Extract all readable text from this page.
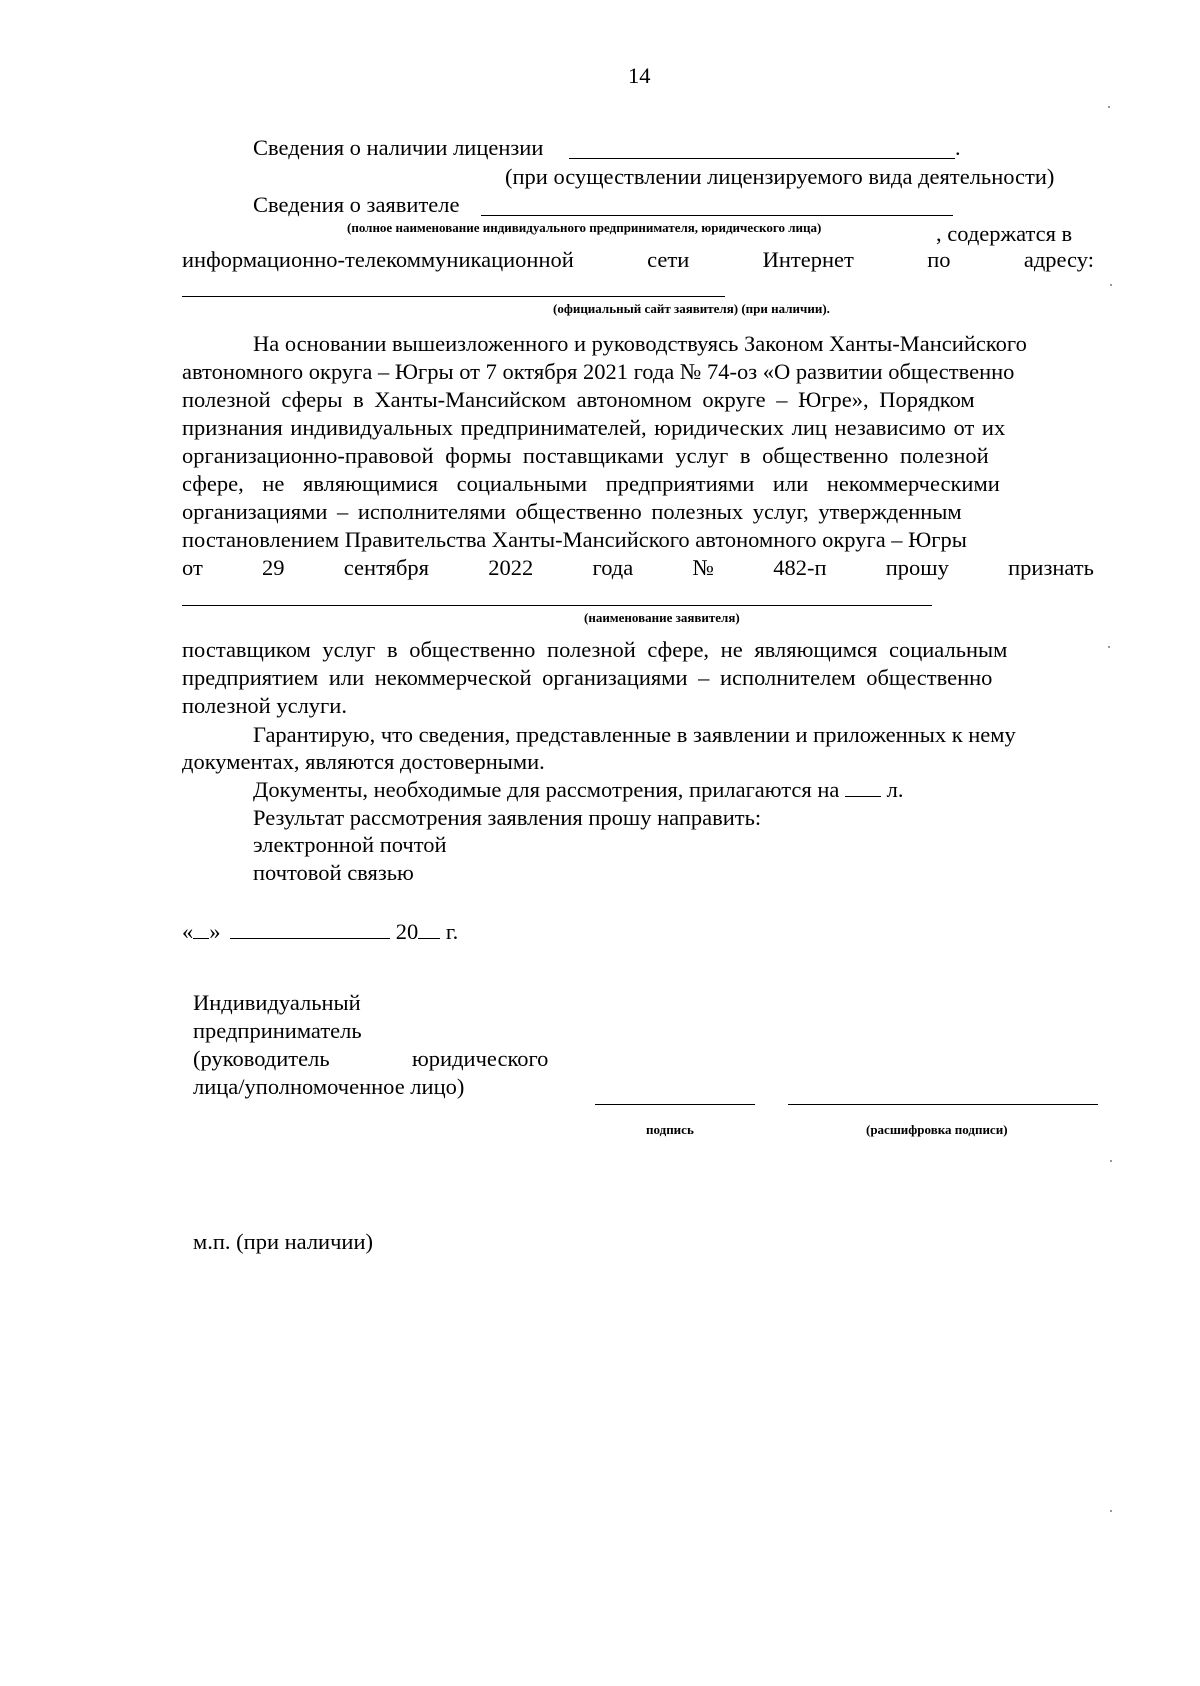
14
Сведения о наличии лицензии	.
(при осуществлении лицензируемого вида деятельности)
Сведения о заявителе
(полное наименование индивидуального предпринимателя, юридического лица)	, содержатся в
информационно-телекоммуникационной	сети	Интернет	по	адресу:
(официальный сайт заявителя) (при наличии).
На основании вышеизложенного и руководствуясь Законом Ханты-Мансийского
автономного округа – Югры от 7 октября 2021 года № 74-оз «О развитии общественно
полезной сферы в Ханты-Мансийском автономном округе – Югре», Порядком
признания индивидуальных предпринимателей, юридических лиц независимо от их
организационно-правовой формы поставщиками услуг в общественно полезной
сфере, не являющимися социальными предприятиями или некоммерческими
организациями – исполнителями общественно полезных услуг, утвержденным
постановлением Правительства Ханты-Мансийского автономного округа – Югры
от	29	сентября	2022	года	№	482-п	прошу	признать
(наименование заявителя)
поставщиком услуг в общественно полезной сфере, не являющимся социальным
предприятием или некоммерческой организациями – исполнителем общественно
полезной услуги.
Гарантирую, что сведения, представленные в заявлении и приложенных к нему
документах, являются достоверными.
Документы, необходимые для рассмотрения, прилагаются на л.
Результат рассмотрения заявления прошу направить:
электронной почтой
почтовой связью
« »	20 г.
Индивидуальный
предприниматель
(руководитель	юридического
лица/уполномоченное лицо)
подпись	(расшифровка подписи)
м.п. (при наличии)
